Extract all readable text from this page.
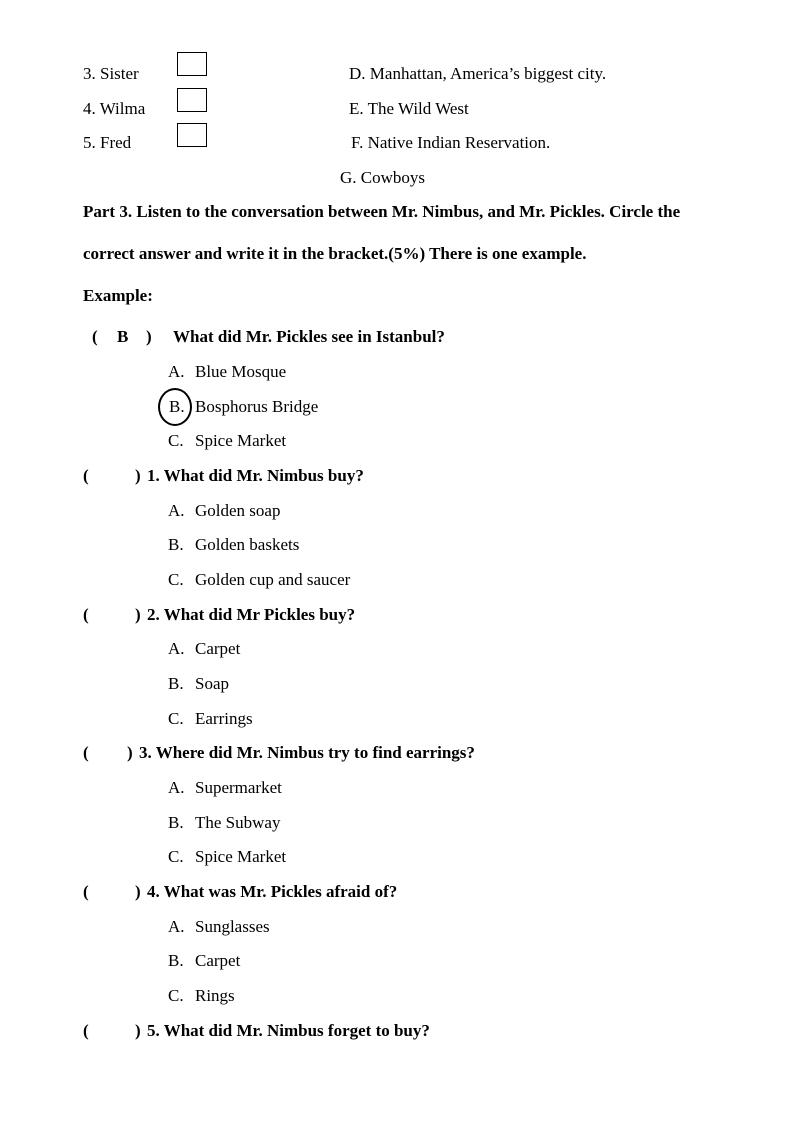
3. Sister	D. Manhattan, America’s biggest city.
4. Wilma	E. The Wild West
5. Fred	F. Native Indian Reservation.
G. Cowboys
Part 3. Listen to the conversation between Mr. Nimbus, and Mr. Pickles. Circle the
correct answer and write it in the bracket.(5%) There is one example.
Example:
( B ) What did Mr. Pickles see in Istanbul?
A. Blue Mosque
B. Bosphorus Bridge
C. Spice Market
(	) 1. What did Mr. Nimbus buy?
A. Golden soap
B. Golden baskets
C. Golden cup and saucer
(	) 2. What did Mr Pickles buy?
A. Carpet
B. Soap
C. Earrings
( ) 3. Where did Mr. Nimbus try to find earrings?
A. Supermarket
B. The Subway
C. Spice Market
(	) 4. What was Mr. Pickles afraid of?
A. Sunglasses
B. Carpet
C. Rings
(	) 5. What did Mr. Nimbus forget to buy?
